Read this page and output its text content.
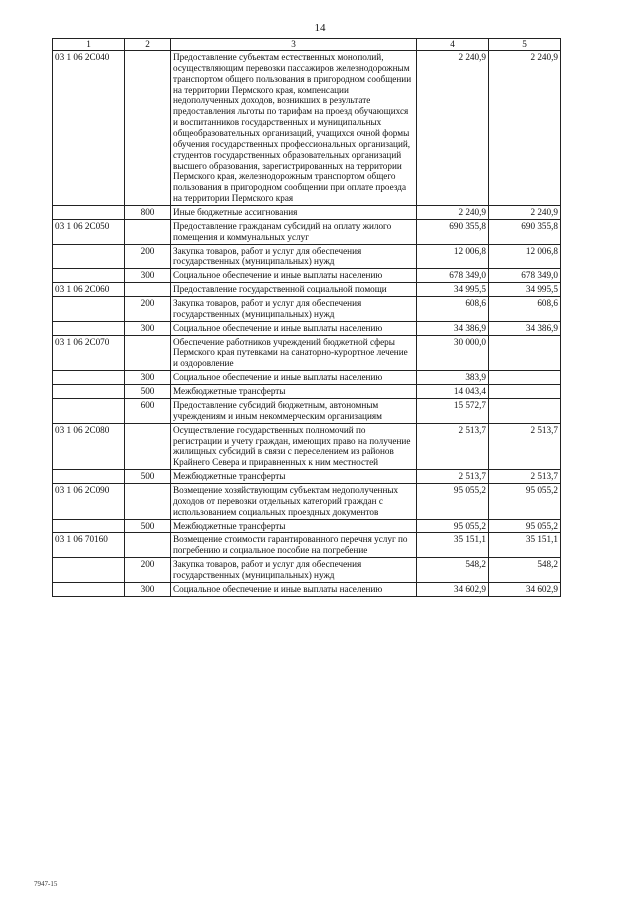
14
1	2	3	4	5
03 1 06 2C040		Предоставление субъектам естественных монополий, осуществляющим перевозки пассажиров железнодорожным транспортом общего пользования в пригородном сообщении на территории Пермского края, компенсации недополученных доходов, возникших в результате предоставления льготы по тарифам на проезд обучающихся и воспитанников государственных и муниципальных общеобразовательных организаций, учащихся очной формы обучения государственных профессиональных организаций, студентов государственных образовательных организаций высшего образования, зарегистрированных на территории Пермского края, железнодорожным транспортом общего пользования в пригородном сообщении при оплате проезда на территории Пермского края	2 240,9	2 240,9
	800	Иные бюджетные ассигнования	2 240,9	2 240,9
03 1 06 2C050		Предоставление гражданам субсидий на оплату жилого помещения и коммунальных услуг	690 355,8	690 355,8
	200	Закупка товаров, работ и услуг для обеспечения государственных (муниципальных) нужд	12 006,8	12 006,8
	300	Социальное обеспечение и иные выплаты населению	678 349,0	678 349,0
03 1 06 2C060		Предоставление государственной социальной помощи	34 995,5	34 995,5
	200	Закупка товаров, работ и услуг для обеспечения государственных (муниципальных) нужд	608,6	608,6
	300	Социальное обеспечение и иные выплаты населению	34 386,9	34 386,9
03 1 06 2C070		Обеспечение работников учреждений бюджетной сферы Пермского края путевками на санаторно-курортное лечение и оздоровление	30 000,0	
	300	Социальное обеспечение и иные выплаты населению	383,9	
	500	Межбюджетные трансферты	14 043,4	
	600	Предоставление субсидий бюджетным, автономным учреждениям и иным некоммерческим организациям	15 572,7	
03 1 06 2C080		Осуществление государственных полномочий по регистрации и учету граждан, имеющих право на получение жилищных субсидий в связи с переселением из районов Крайнего Севера и приравненных к ним местностей	2 513,7	2 513,7
	500	Межбюджетные трансферты	2 513,7	2 513,7
03 1 06 2C090		Возмещение хозяйствующим субъектам недополученных доходов от перевозки отдельных категорий граждан с использованием социальных проездных документов	95 055,2	95 055,2
	500	Межбюджетные трансферты	95 055,2	95 055,2
03 1 06 70160		Возмещение стоимости гарантированного перечня услуг по погребению и социальное пособие на погребение	35 151,1	35 151,1
	200	Закупка товаров, работ и услуг для обеспечения государственных (муниципальных) нужд	548,2	548,2
	300	Социальное обеспечение и иные выплаты населению	34 602,9	34 602,9
7947-15
